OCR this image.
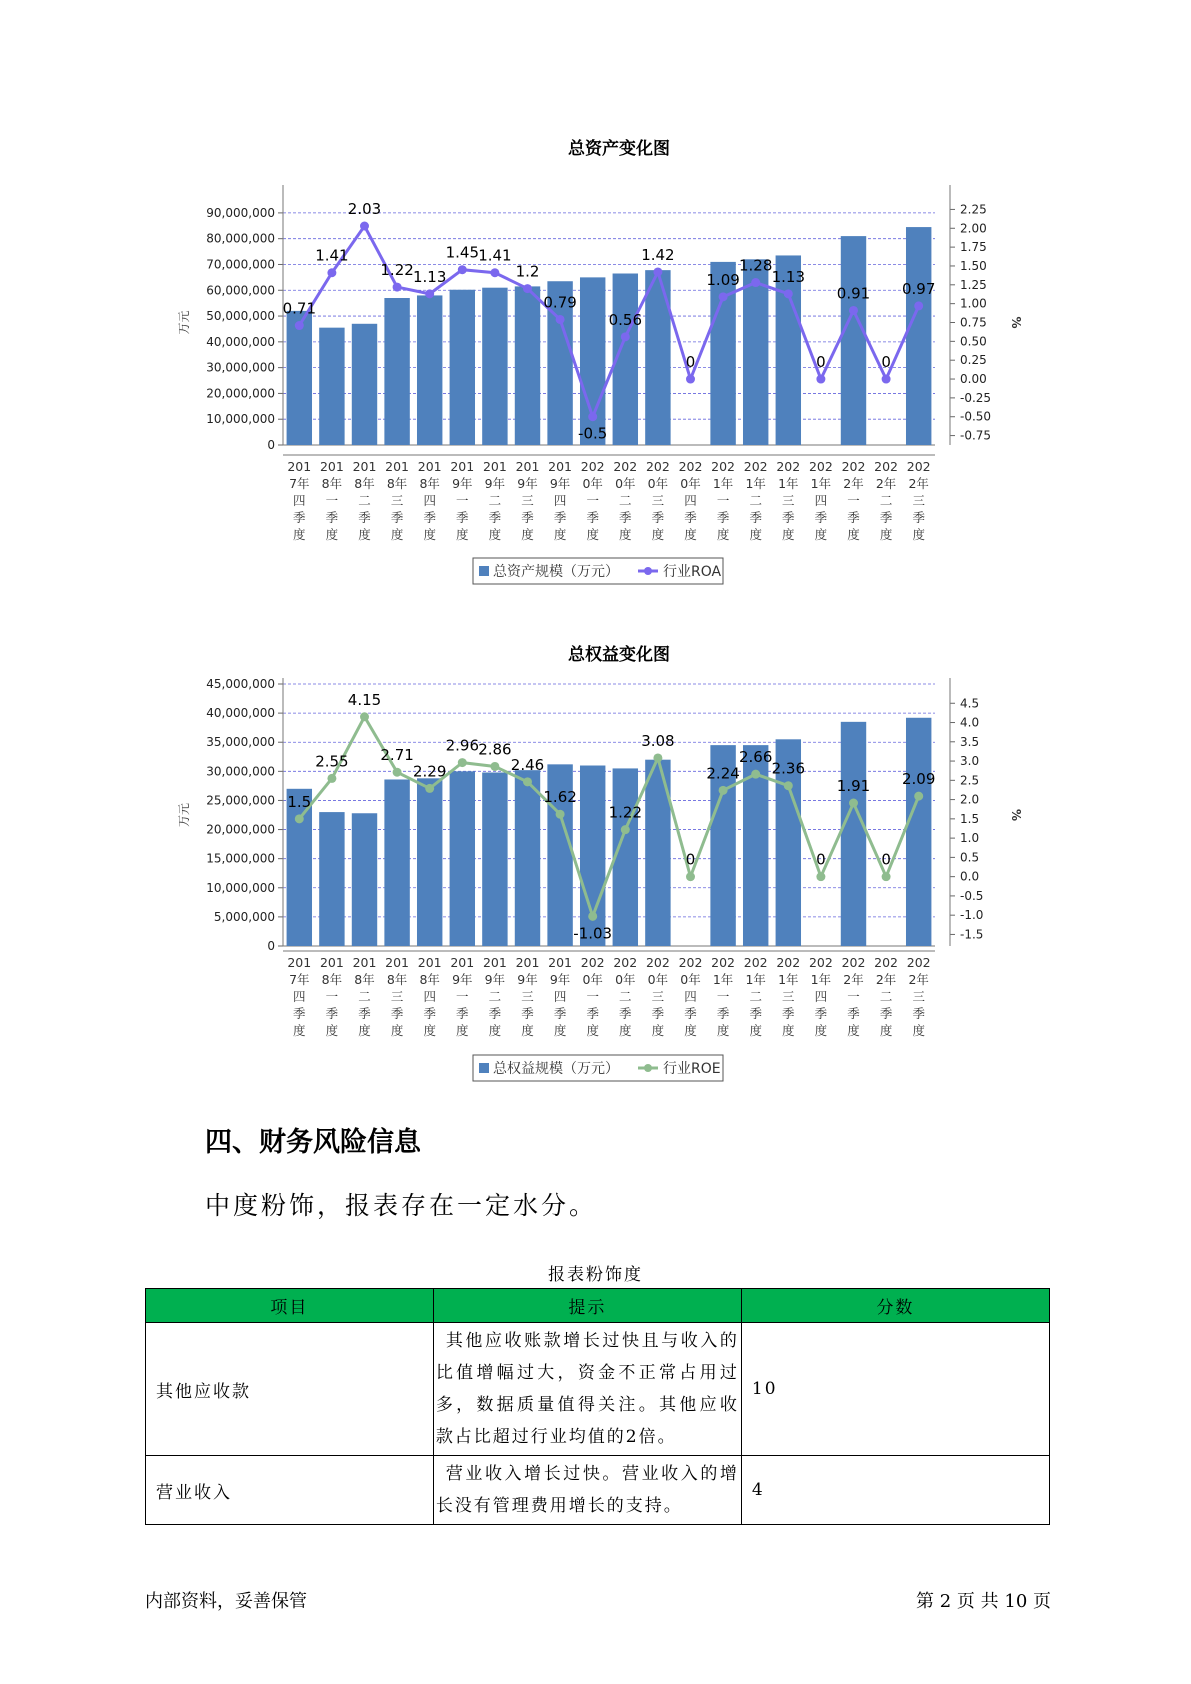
总资产变化图
0
10,000,000
20,000,000
30,000,000
40,000,000
50,000,000
60,000,000
70,000,000
80,000,000
90,000,000
-0.75
-0.50
-0.25
0.00
0.25
0.50
0.75
1.00
1.25
1.50
1.75
2.00
2.25
万元	%
0.71
1.41
2.03
1.22 1.13
1.45 1.41
1.2
0.79
-0.5
0.56
1.42
0
1.09
1.28
1.13
0
0.91
0
0.97
201
7年
四
季
度
201
8年
一
季
度
201
8年
二
季
度
201
8年
三
季
度
201
8年
四
季
度
201
9年
一
季
度
201
9年
二
季
度
201
9年
三
季
度
201
9年
四
季
度
202
0年
一
季
度
202
0年
二
季
度
202
0年
三
季
度
202
0年
四
季
度
202
1年
一
季
度
202
1年
二
季
度
202
1年
三
季
度
202
1年
四
季
度
202
2年
一
季
度
202
2年
二
季
度
202
2年
三
季
度
总资产规模（万元）	行业ROA
总权益变化图
0
5,000,000
10,000,000
15,000,000
20,000,000
25,000,000
30,000,000
35,000,000
40,000,000
45,000,000
-1.5
-1.0
-0.5
0.0
0.5
1.0
1.5
2.0
2.5
3.0
3.5
4.0
4.5
万元	%
1.5
2.55
4.15
2.71
2.29
2.96 2.86
2.46
1.62
-1.03
1.22
3.08
0
2.24
2.66
2.36
0
1.91
0
2.09
201
7年
四
季
度
201
8年
一
季
度
201
8年
二
季
度
201
8年
三
季
度
201
8年
四
季
度
201
9年
一
季
度
201
9年
二
季
度
201
9年
三
季
度
201
9年
四
季
度
202
0年
一
季
度
202
0年
二
季
度
202
0年
三
季
度
202
0年
四
季
度
202
1年
一
季
度
202
1年
二
季
度
202
1年
三
季
度
202
1年
四
季
度
202
2年
一
季
度
202
2年
二
季
度
202
2年
三
季
度
总权益规模（万元）	行业ROE
四、财务风险信息
中度粉饰，报表存在一定水分。
报表粉饰度
项目	提示	分数
其他应收款	其他应收账款增长过快且与收入的比值增幅过大，资金不正常占用过多，数据质量值得关注。其他应收款占比超过行业均值的2倍。	10
营业收入	营业收入增长过快。营业收入的增长没有管理费用增长的支持。	4
内部资料，妥善保管	第 2 页 共 10 页
